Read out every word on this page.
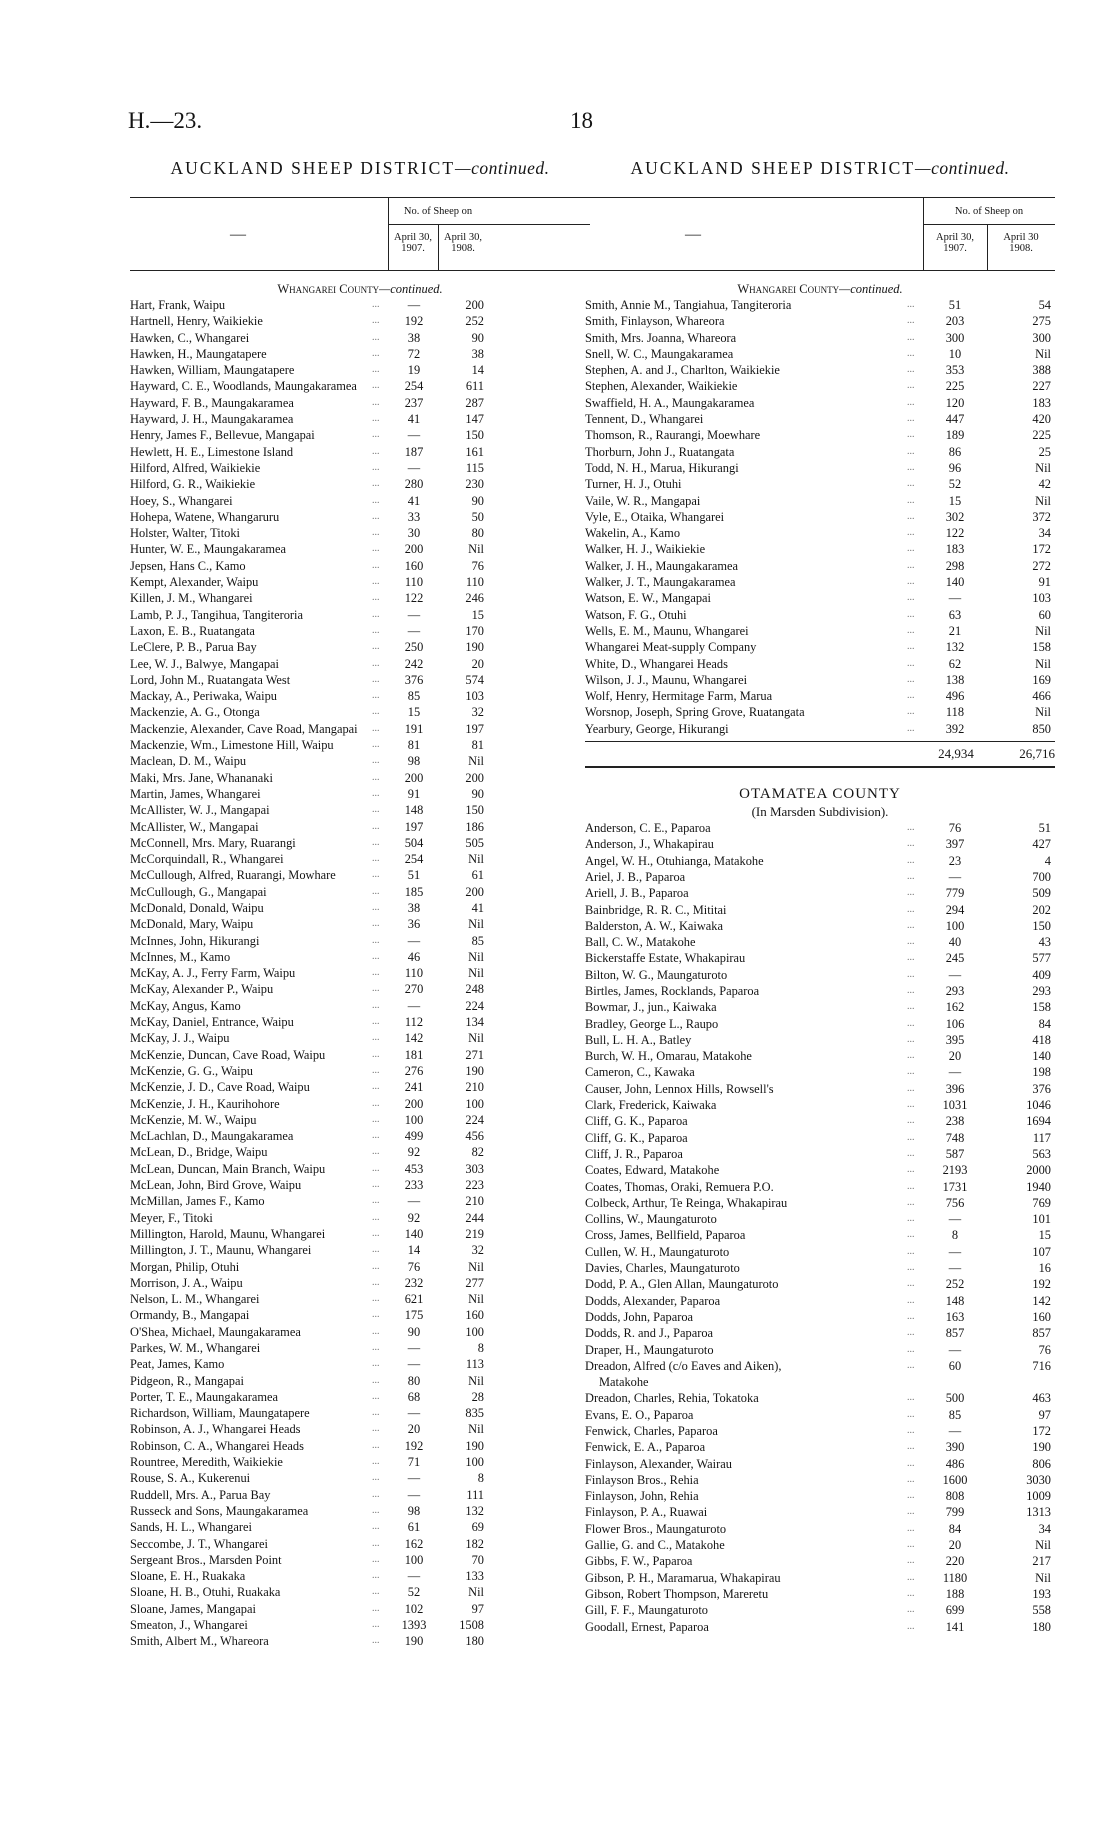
H.—23.	18
AUCKLAND SHEEP DISTRICT—continued.
—
No. of Sheep on
April 30, 1907.
April 30, 1908.
Whangarei County—continued.
...
Hart, Frank, Waipu	—	200
...
Hartnell, Henry, Waikiekie	192	252
...
Hawken, C., Whangarei	38	90
...
Hawken, H., Maungatapere	72	38
...
Hawken, William, Maungatapere	19	14
...
Hayward, C. E., Woodlands, Maungakaramea	254	611
...
Hayward, F. B., Maungakaramea	237	287
...
Hayward, J. H., Maungakaramea	41	147
...
Henry, James F., Bellevue, Mangapai	—	150
...
Hewlett, H. E., Limestone Island	187	161
...
Hilford, Alfred, Waikiekie	—	115
...
Hilford, G. R., Waikiekie	280	230
...
Hoey, S., Whangarei	41	90
...
Hohepa, Watene, Whangaruru	33	50
...
Holster, Walter, Titoki	30	80
...
Hunter, W. E., Maungakaramea	200	Nil
...
Jepsen, Hans C., Kamo	160	76
...
Kempt, Alexander, Waipu	110	110
...
Killen, J. M., Whangarei	122	246
...
Lamb, P. J., Tangihua, Tangiteroria	—	15
...
Laxon, E. B., Ruatangata	—	170
...
LeClere, P. B., Parua Bay	250	190
...
Lee, W. J., Balwye, Mangapai	242	20
...
Lord, John M., Ruatangata West	376	574
...
Mackay, A., Periwaka, Waipu	85	103
...
Mackenzie, A. G., Otonga	15	32
...
Mackenzie, Alexander, Cave Road, Mangapai	191	197
...
Mackenzie, Wm., Limestone Hill, Waipu	81	81
...
Maclean, D. M., Waipu	98	Nil
...
Maki, Mrs. Jane, Whananaki	200	200
...
Martin, James, Whangarei	91	90
...
McAllister, W. J., Mangapai	148	150
...
McAllister, W., Mangapai	197	186
...
McConnell, Mrs. Mary, Ruarangi	504	505
...
McCorquindall, R., Whangarei	254	Nil
...
McCullough, Alfred, Ruarangi, Mowhare	51	61
...
McCullough, G., Mangapai	185	200
...
McDonald, Donald, Waipu	38	41
...
McDonald, Mary, Waipu	36	Nil
...
McInnes, John, Hikurangi	—	85
...
McInnes, M., Kamo	46	Nil
...
McKay, A. J., Ferry Farm, Waipu	110	Nil
...
McKay, Alexander P., Waipu	270	248
...
McKay, Angus, Kamo	—	224
...
McKay, Daniel, Entrance, Waipu	112	134
...
McKay, J. J., Waipu	142	Nil
...
McKenzie, Duncan, Cave Road, Waipu	181	271
...
McKenzie, G. G., Waipu	276	190
...
McKenzie, J. D., Cave Road, Waipu	241	210
...
McKenzie, J. H., Kaurihohore	200	100
...
McKenzie, M. W., Waipu	100	224
...
McLachlan, D., Maungakaramea	499	456
...
McLean, D., Bridge, Waipu	92	82
...
McLean, Duncan, Main Branch, Waipu	453	303
...
McLean, John, Bird Grove, Waipu	233	223
...
McMillan, James F., Kamo	—	210
...
Meyer, F., Titoki	92	244
...
Millington, Harold, Maunu, Whangarei	140	219
...
Millington, J. T., Maunu, Whangarei	14	32
...
Morgan, Philip, Otuhi	76	Nil
...
Morrison, J. A., Waipu	232	277
...
Nelson, L. M., Whangarei	621	Nil
...
Ormandy, B., Mangapai	175	160
...
O'Shea, Michael, Maungakaramea	90	100
...
Parkes, W. M., Whangarei	—	8
...
Peat, James, Kamo	—	113
...
Pidgeon, R., Mangapai	80	Nil
...
Porter, T. E., Maungakaramea	68	28
...
Richardson, William, Maungatapere	—	835
...
Robinson, A. J., Whangarei Heads	20	Nil
...
Robinson, C. A., Whangarei Heads	192	190
...
Rountree, Meredith, Waikiekie	71	100
...
Rouse, S. A., Kukerenui	—	8
...
Ruddell, Mrs. A., Parua Bay	—	111
...
Russeck and Sons, Maungakaramea	98	132
...
Sands, H. L., Whangarei	61	69
...
Seccombe, J. T., Whangarei	162	182
...
Sergeant Bros., Marsden Point	100	70
...
Sloane, E. H., Ruakaka	—	133
...
Sloane, H. B., Otuhi, Ruakaka	52	Nil
...
Sloane, James, Mangapai	102	97
...
Smeaton, J., Whangarei	1393	1508
...
Smith, Albert M., Whareora	190	180
AUCKLAND SHEEP DISTRICT—continued.
—
No. of Sheep on
April 30, 1907.
April 30 1908.
Whangarei County—continued.
...
Smith, Annie M., Tangiahua, Tangiteroria	51	54
...
Smith, Finlayson, Whareora	203	275
...
Smith, Mrs. Joanna, Whareora	300	300
...
Snell, W. C., Maungakaramea	10	Nil
...
Stephen, A. and J., Charlton, Waikiekie	353	388
...
Stephen, Alexander, Waikiekie	225	227
...
Swaffield, H. A., Maungakaramea	120	183
...
Tennent, D., Whangarei	447	420
...
Thomson, R., Raurangi, Moewhare	189	225
...
Thorburn, John J., Ruatangata	86	25
...
Todd, N. H., Marua, Hikurangi	96	Nil
...
Turner, H. J., Otuhi	52	42
...
Vaile, W. R., Mangapai	15	Nil
...
Vyle, E., Otaika, Whangarei	302	372
...
Wakelin, A., Kamo	122	34
...
Walker, H. J., Waikiekie	183	172
...
Walker, J. H., Maungakaramea	298	272
...
Walker, J. T., Maungakaramea	140	91
...
Watson, E. W., Mangapai	—	103
...
Watson, F. G., Otuhi	63	60
...
Wells, E. M., Maunu, Whangarei	21	Nil
...
Whangarei Meat-supply Company	132	158
...
White, D., Whangarei Heads	62	Nil
...
Wilson, J. J., Maunu, Whangarei	138	169
...
Wolf, Henry, Hermitage Farm, Marua	496	466
...
Worsnop, Joseph, Spring Grove, Ruatangata	118	Nil
...
Yearbury, George, Hikurangi	392	850
24,934	26,716
OTAMATEA COUNTY
(In Marsden Subdivision).
...
Anderson, C. E., Paparoa	76	51
...
Anderson, J., Whakapirau	397	427
...
Angel, W. H., Otuhianga, Matakohe	23	4
...
Ariel, J. B., Paparoa	—	700
...
Ariell, J. B., Paparoa	779	509
...
Bainbridge, R. R. C., Mititai	294	202
...
Balderston, A. W., Kaiwaka	100	150
...
Ball, C. W., Matakohe	40	43
...
Bickerstaffe Estate, Whakapirau	245	577
...
Bilton, W. G., Maungaturoto	—	409
...
Birtles, James, Rocklands, Paparoa	293	293
...
Bowmar, J., jun., Kaiwaka	162	158
...
Bradley, George L., Raupo	106	84
...
Bull, L. H. A., Batley	395	418
...
Burch, W. H., Omarau, Matakohe	20	140
...
Cameron, C., Kawaka	—	198
...
Causer, John, Lennox Hills, Rowsell's	396	376
...
Clark, Frederick, Kaiwaka	1031	1046
...
Cliff, G. K., Paparoa	238	1694
...
Cliff, G. K., Paparoa	748	117
...
Cliff, J. R., Paparoa	587	563
...
Coates, Edward, Matakohe	2193	2000
...
Coates, Thomas, Oraki, Remuera P.O.	1731	1940
...
Colbeck, Arthur, Te Reinga, Whakapirau	756	769
...
Collins, W., Maungaturoto	—	101
...
Cross, James, Bellfield, Paparoa	8	15
...
Cullen, W. H., Maungaturoto	—	107
...
Davies, Charles, Maungaturoto	—	16
...
Dodd, P. A., Glen Allan, Maungaturoto	252	192
...
Dodds, Alexander, Paparoa	148	142
...
Dodds, John, Paparoa	163	160
...
Dodds, R. and J., Paparoa	857	857
...
Draper, H., Maungaturoto	—	76
...
Dreadon, Alfred (c/o Eaves and Aiken),	60	716
Matakohe
...
Dreadon, Charles, Rehia, Tokatoka	500	463
...
Evans, E. O., Paparoa	85	97
...
Fenwick, Charles, Paparoa	—	172
...
Fenwick, E. A., Paparoa	390	190
...
Finlayson, Alexander, Wairau	486	806
...
Finlayson Bros., Rehia	1600	3030
...
Finlayson, John, Rehia	808	1009
...
Finlayson, P. A., Ruawai	799	1313
...
Flower Bros., Maungaturoto	84	34
...
Gallie, G. and C., Matakohe	20	Nil
...
Gibbs, F. W., Paparoa	220	217
...
Gibson, P. H., Maramarua, Whakapirau	1180	Nil
...
Gibson, Robert Thompson, Mareretu	188	193
...
Gill, F. F., Maungaturoto	699	558
...
Goodall, Ernest, Paparoa	141	180
